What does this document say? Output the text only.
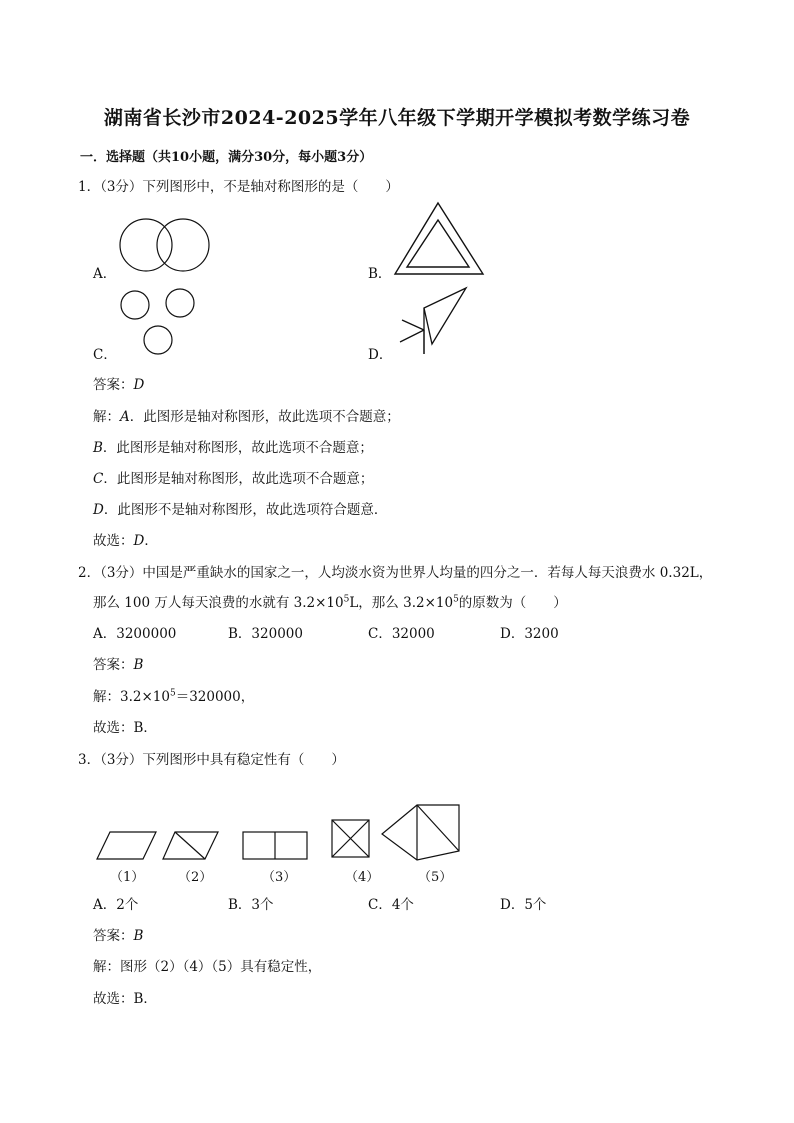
湖南省长沙市2024-2025学年八年级下学期开学模拟考数学练习卷
一．选择题（共10小题，满分30分，每小题3分）
1．（3分）下列图形中，不是轴对称图形的是（　　）
A．	B．
C．	D．
答案：D
解：A．此图形是轴对称图形，故此选项不合题意；
B．此图形是轴对称图形，故此选项不合题意；
C．此图形是轴对称图形，故此选项不合题意；
D．此图形不是轴对称图形，故此选项符合题意．
故选：D．
2．（3分）中国是严重缺水的国家之一，人均淡水资为世界人均量的四分之一．若每人每天浪费水 0.32L，
那么 100 万人每天浪费的水就有 $3.2\times 10^5L$，那么 $3.2\times 10^5$的原数为（　　）
A．3200000	B．320000	C．32000	D．3200
答案：B
解：$3.2\times 10^5=320000$，
故选：B．
3．（3分）下列图形中具有稳定性有（　　）
（1）	（2）	（3）	（4）	（5）
A．2个	B．3个	C．4个	D．5个
答案：B
解：图形（2）（4）（5）具有稳定性，
故选：B．
